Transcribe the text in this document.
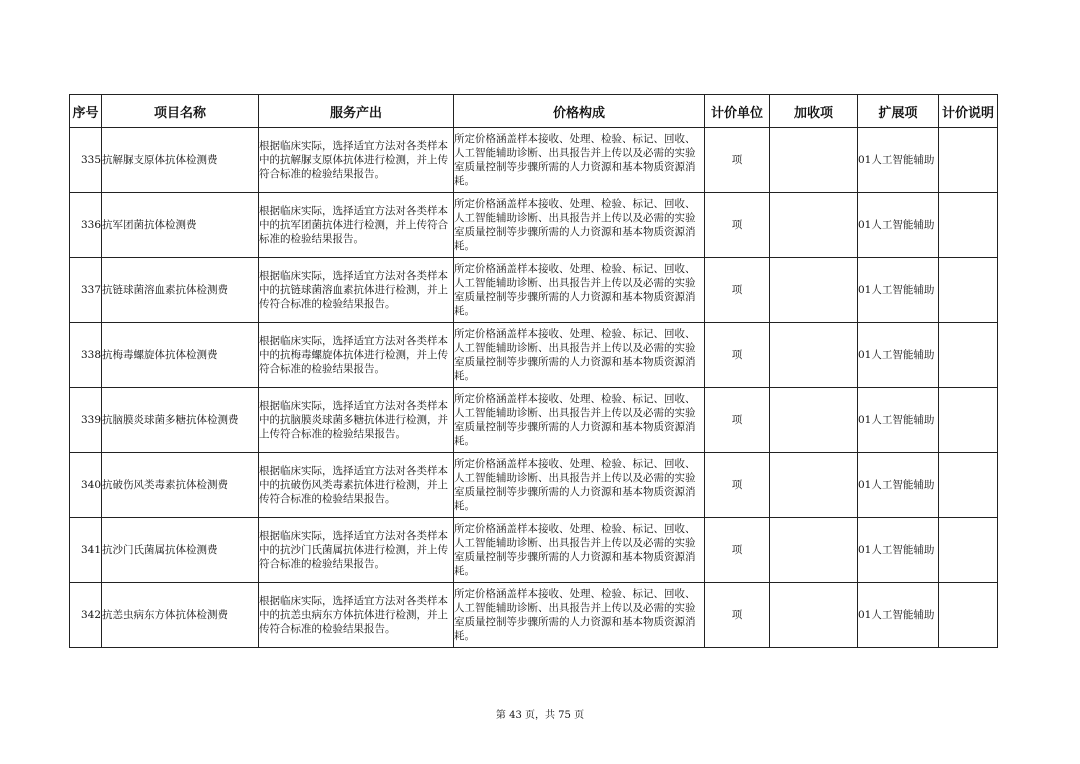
序号	项目名称	服务产出	价格构成	计价单位	加收项	扩展项	计价说明
335	抗解脲支原体抗体检测费	根据临床实际，选择适宜方法对各类样本中的抗解脲支原体抗体进行检测，并上传符合标准的检验结果报告。	所定价格涵盖样本接收、处理、检验、标记、回收、人工智能辅助诊断、出具报告并上传以及必需的实验室质量控制等步骤所需的人力资源和基本物质资源消耗。	项		01人工智能辅助	
336	抗军团菌抗体检测费	根据临床实际，选择适宜方法对各类样本中的抗军团菌抗体进行检测，并上传符合标准的检验结果报告。	所定价格涵盖样本接收、处理、检验、标记、回收、人工智能辅助诊断、出具报告并上传以及必需的实验室质量控制等步骤所需的人力资源和基本物质资源消耗。	项		01人工智能辅助	
337	抗链球菌溶血素抗体检测费	根据临床实际，选择适宜方法对各类样本中的抗链球菌溶血素抗体进行检测，并上传符合标准的检验结果报告。	所定价格涵盖样本接收、处理、检验、标记、回收、人工智能辅助诊断、出具报告并上传以及必需的实验室质量控制等步骤所需的人力资源和基本物质资源消耗。	项		01人工智能辅助	
338	抗梅毒螺旋体抗体检测费	根据临床实际，选择适宜方法对各类样本中的抗梅毒螺旋体抗体进行检测，并上传符合标准的检验结果报告。	所定价格涵盖样本接收、处理、检验、标记、回收、人工智能辅助诊断、出具报告并上传以及必需的实验室质量控制等步骤所需的人力资源和基本物质资源消耗。	项		01人工智能辅助	
339	抗脑膜炎球菌多糖抗体检测费	根据临床实际，选择适宜方法对各类样本中的抗脑膜炎球菌多糖抗体进行检测，并上传符合标准的检验结果报告。	所定价格涵盖样本接收、处理、检验、标记、回收、人工智能辅助诊断、出具报告并上传以及必需的实验室质量控制等步骤所需的人力资源和基本物质资源消耗。	项		01人工智能辅助	
340	抗破伤风类毒素抗体检测费	根据临床实际，选择适宜方法对各类样本中的抗破伤风类毒素抗体进行检测，并上传符合标准的检验结果报告。	所定价格涵盖样本接收、处理、检验、标记、回收、人工智能辅助诊断、出具报告并上传以及必需的实验室质量控制等步骤所需的人力资源和基本物质资源消耗。	项		01人工智能辅助	
341	抗沙门氏菌属抗体检测费	根据临床实际，选择适宜方法对各类样本中的抗沙门氏菌属抗体进行检测，并上传符合标准的检验结果报告。	所定价格涵盖样本接收、处理、检验、标记、回收、人工智能辅助诊断、出具报告并上传以及必需的实验室质量控制等步骤所需的人力资源和基本物质资源消耗。	项		01人工智能辅助	
342	抗恙虫病东方体抗体检测费	根据临床实际，选择适宜方法对各类样本中的抗恙虫病东方体抗体进行检测，并上传符合标准的检验结果报告。	所定价格涵盖样本接收、处理、检验、标记、回收、人工智能辅助诊断、出具报告并上传以及必需的实验室质量控制等步骤所需的人力资源和基本物质资源消耗。	项		01人工智能辅助	
第 43 页，共 75 页
